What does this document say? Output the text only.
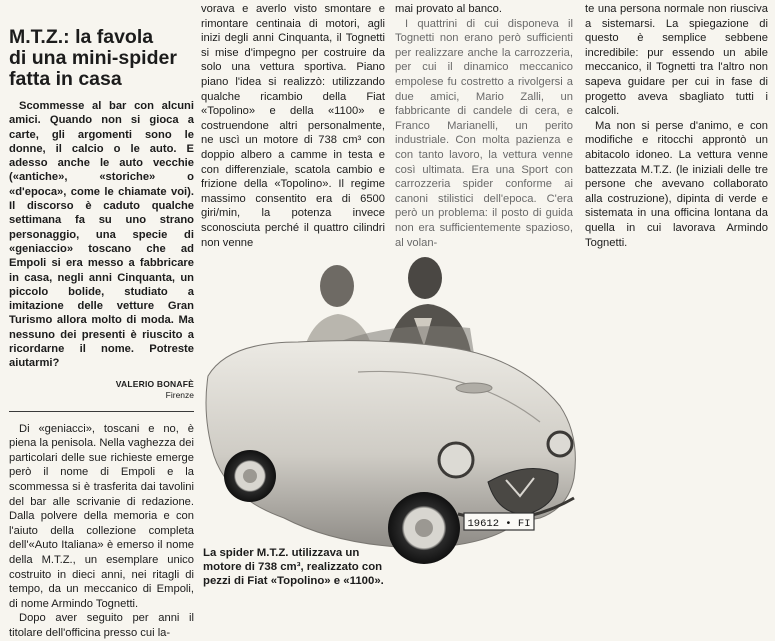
M.T.Z.: la favola
di una mini-spider
fatta in casa

Scommesse al bar con alcuni amici. Quando non si gioca a carte, gli argomenti sono le donne, il calcio o le auto. E adesso anche le auto vecchie («antiche», «storiche» o «d'epoca», come le chiamate voi). Il discorso è caduto qualche settimana fa su uno strano personaggio, una specie di «geniaccio» toscano che ad Empoli si era messo a fabbricare in casa, negli anni Cinquanta, un piccolo bolide, studiato a imitazione delle vetture Gran Turismo allora molto di moda. Ma nessuno dei presenti è riuscito a ricordarne il nome. Potreste aiutarmi?

VALERIO BONAFÈ
Firenze

Di «geniacci», toscani e no, è piena la penisola. Nella vaghezza dei particolari delle sue richieste emerge però il nome di Empoli e la scommessa si è trasferita dai tavolini del bar alle scrivanie di redazione. Dalla polvere della memoria e con l'aiuto della collezione completa dell'«Auto Italiana» è emerso il nome della M.T.Z., un esemplare unico costruito in dieci anni, nei ritagli di tempo, da un meccanico di Empoli, di nome Armindo Tognetti.

Dopo aver seguito per anni il titolare dell'officina presso cui la-

vorava e averlo visto smontare e rimontare centinaia di motori, agli inizi degli anni Cinquanta, il Tognetti si mise d'impegno per costruire da solo una vettura sportiva. Piano piano l'idea si realizzò: utilizzando qualche ricambio della Fiat «Topolino» e della «1100» e costruendone altri personalmente, ne uscì un motore di 738 cm³ con doppio albero a camme in testa e con differenziale, scatola cambio e frizione della «Topolino». Il regime massimo consentito era di 6500 giri/min, la potenza invece sconosciuta perché il quattro cilindri non venne

mai provato al banco.

I quattrini di cui disponeva il Tognetti non erano però sufficienti per realizzare anche la carrozzeria, per cui il dinamico meccanico empolese fu costretto a rivolgersi a due amici, Mario Zalli, un fabbricante di candele di cera, e Franco Marianelli, un perito industriale. Con molta pazienza e con tanto lavoro, la vettura venne così ultimata. Era una Sport con carrozzeria spider conforme ai canoni stilistici dell'epoca. C'era però un problema: il posto di guida non era sufficientemente spazioso, al volan-

te una persona normale non riusciva a sistemarsi. La spiegazione di questo è semplice sebbene incredibile: pur essendo un abile meccanico, il Tognetti tra l'altro non sapeva guidare per cui in fase di progetto aveva sbagliato tutti i calcoli.

Ma non si perse d'animo, e con modifiche e ritocchi approntò un abitacolo idoneo. La vettura venne battezzata M.T.Z. (le iniziali delle tre persone che avevano collaborato alla costruzione), dipinta di verde e sistemata in una officina lontana da quella in cui lavorava Armindo Tognetti.

19612 • FI
La spider M.T.Z. utilizzava un motore di 738 cm³, realizzato con pezzi di Fiat «Topolino» e «1100».
